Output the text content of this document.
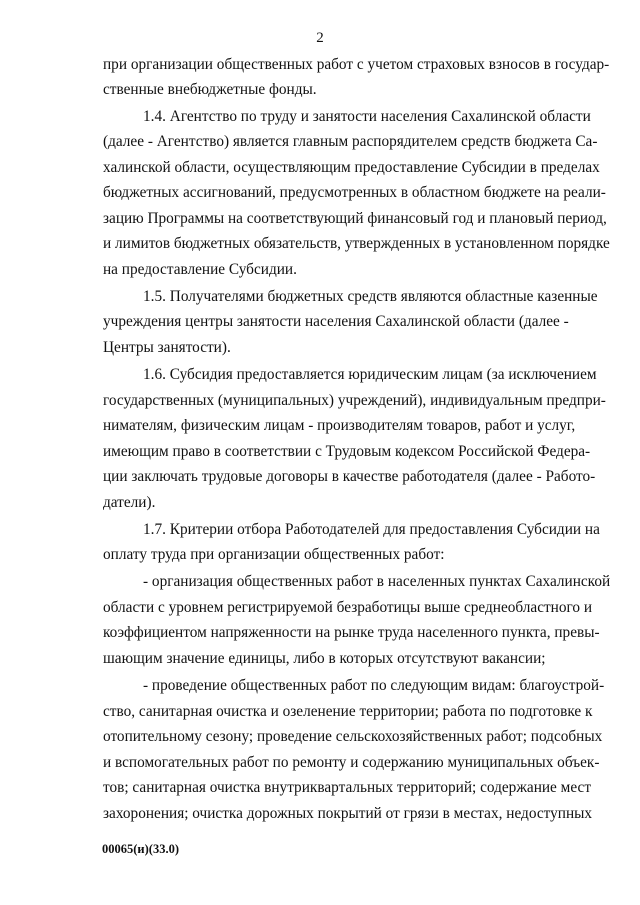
2
при организации общественных работ с учетом страховых взносов в государ-
ственные внебюджетные фонды.
1.4. Агентство по труду и занятости населения Сахалинской области
(далее - Агентство) является главным распорядителем средств бюджета Са-
халинской области, осуществляющим предоставление Субсидии в пределах
бюджетных ассигнований, предусмотренных в областном бюджете на реали-
зацию Программы на соответствующий финансовый год и плановый период,
и лимитов бюджетных обязательств, утвержденных в установленном порядке
на предоставление Субсидии.
1.5. Получателями бюджетных средств являются областные казенные
учреждения центры занятости населения Сахалинской области (далее -
Центры занятости).
1.6. Субсидия предоставляется юридическим лицам (за исключением
государственных (муниципальных) учреждений), индивидуальным предпри-
нимателям, физическим лицам - производителям товаров, работ и услуг,
имеющим право в соответствии с Трудовым кодексом Российской Федера-
ции заключать трудовые договоры в качестве работодателя (далее - Работо-
датели).
1.7. Критерии отбора Работодателей для предоставления Субсидии на
оплату труда при организации общественных работ:
- организация общественных работ в населенных пунктах Сахалинской
области с уровнем регистрируемой безработицы выше среднеобластного и
коэффициентом напряженности на рынке труда населенного пункта, превы-
шающим значение единицы, либо в которых отсутствуют вакансии;
- проведение общественных работ по следующим видам: благоустрой-
ство, санитарная очистка и озеленение территории; работа по подготовке к
отопительному сезону; проведение сельскохозяйственных работ; подсобных
и вспомогательных работ по ремонту и содержанию муниципальных объек-
тов; санитарная очистка внутриквартальных территорий; содержание мест
захоронения; очистка дорожных покрытий от грязи в местах, недоступных
00065(и)(33.0)
